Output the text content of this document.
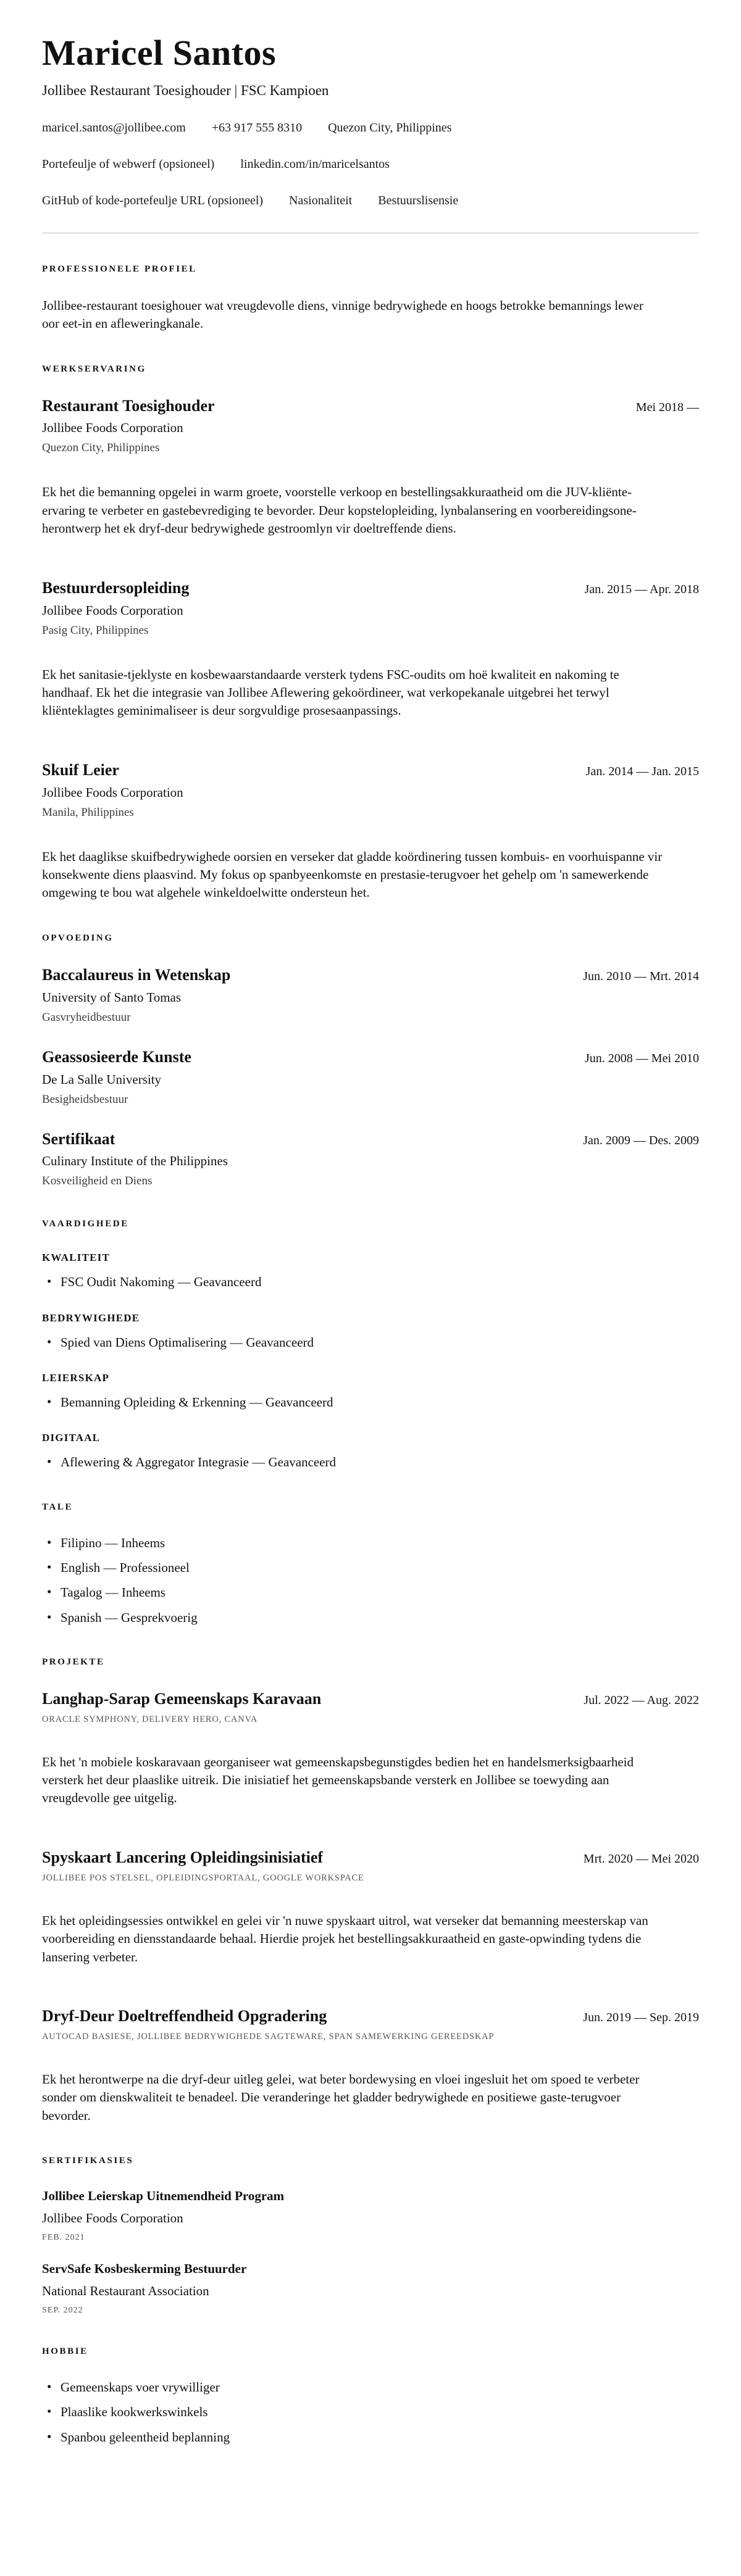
Maricel Santos

Jollibee Restaurant Toesighouder | FSC Kampioen

maricel.santos@jollibee.com +63 917 555 8310 Quezon City, Philippines
Portefeulje of webwerf (opsioneel) linkedin.com/in/maricelsantos
GitHub of kode-portefeulje URL (opsioneel) Nasionaliteit Bestuurslisensie
PROFESSIONELE PROFIEL

Jollibee-restaurant toesighouer wat vreugdevolle diens, vinnige bedrywighede en hoogs betrokke bemannings lewer oor eet-in en afleweringkanale.

WERKSERVARING
Restaurant Toesighouder	Mei 2018 —
Jollibee Foods Corporation
Quezon City, Philippines

Ek het die bemanning opgelei in warm groete, voorstelle verkoop en bestellingsakkuraatheid om die JUV-kliënte-ervaring te verbeter en gastebevrediging te bevorder. Deur kopstelopleiding, lynbalansering en voorbereidingsone-herontwerp het ek dryf-deur bedrywighede gestroomlyn vir doeltreffende diens.

Bestuurdersopleiding	Jan. 2015 — Apr. 2018
Jollibee Foods Corporation
Pasig City, Philippines

Ek het sanitasie-tjeklyste en kosbewaarstandaarde versterk tydens FSC-oudits om hoë kwaliteit en nakoming te handhaaf. Ek het die integrasie van Jollibee Aflewering gekoördineer, wat verkopekanale uitgebrei het terwyl kliënteklagtes geminimaliseer is deur sorgvuldige prosesaanpassings.

Skuif Leier	Jan. 2014 — Jan. 2015
Jollibee Foods Corporation
Manila, Philippines

Ek het daaglikse skuifbedrywighede oorsien en verseker dat gladde koördinering tussen kombuis- en voorhuispanne vir konsekwente diens plaasvind. My fokus op spanbyeenkomste en prestasie-terugvoer het gehelp om 'n samewerkende omgewing te bou wat algehele winkeldoelwitte ondersteun het.

OPVOEDING
Baccalaureus in Wetenskap	Jun. 2010 — Mrt. 2014
University of Santo Tomas
Gasvryheidbestuur
Geassosieerde Kunste	Jun. 2008 — Mei 2010
De La Salle University
Besigheidsbestuur
Sertifikaat	Jan. 2009 — Des. 2009
Culinary Institute of the Philippines
Kosveiligheid en Diens
VAARDIGHEDE
KWALITEIT
• FSC Oudit Nakoming — Geavanceerd
BEDRYWIGHEDE
• Spied van Diens Optimalisering — Geavanceerd
LEIERSKAP
• Bemanning Opleiding & Erkenning — Geavanceerd
DIGITAAL
• Aflewering & Aggregator Integrasie — Geavanceerd
TALE
• Filipino — Inheems
• English — Professioneel
• Tagalog — Inheems
• Spanish — Gesprekvoerig
PROJEKTE
Langhap-Sarap Gemeenskaps Karavaan	Jul. 2022 — Aug. 2022
ORACLE SYMPHONY, DELIVERY HERO, CANVA

Ek het 'n mobiele koskaravaan georganiseer wat gemeenskapsbegunstigdes bedien het en handelsmerksigbaarheid versterk het deur plaaslike uitreik. Die inisiatief het gemeenskapsbande versterk en Jollibee se toewyding aan vreugdevolle gee uitgelig.

Spyskaart Lancering Opleidingsinisiatief	Mrt. 2020 — Mei 2020
JOLLIBEE POS STELSEL, OPLEIDINGSPORTAAL, GOOGLE WORKSPACE

Ek het opleidingsessies ontwikkel en gelei vir 'n nuwe spyskaart uitrol, wat verseker dat bemanning meesterskap van voorbereiding en diensstandaarde behaal. Hierdie projek het bestellingsakkuraatheid en gaste-opwinding tydens die lansering verbeter.

Dryf-Deur Doeltreffendheid Opgradering	Jun. 2019 — Sep. 2019
AUTOCAD BASIESE, JOLLIBEE BEDRYWIGHEDE SAGTEWARE, SPAN SAMEWERKING GEREEDSKAP

Ek het herontwerpe na die dryf-deur uitleg gelei, wat beter bordewysing en vloei ingesluit het om spoed te verbeter sonder om dienskwaliteit te benadeel. Die veranderinge het gladder bedrywighede en positiewe gaste-terugvoer bevorder.

SERTIFIKASIES
Jollibee Leierskap Uitnemendheid Program
Jollibee Foods Corporation
FEB. 2021
ServSafe Kosbeskerming Bestuurder
National Restaurant Association
SEP. 2022
HOBBIE
• Gemeenskaps voer vrywilliger
• Plaaslike kookwerkswinkels
• Spanbou geleentheid beplanning
